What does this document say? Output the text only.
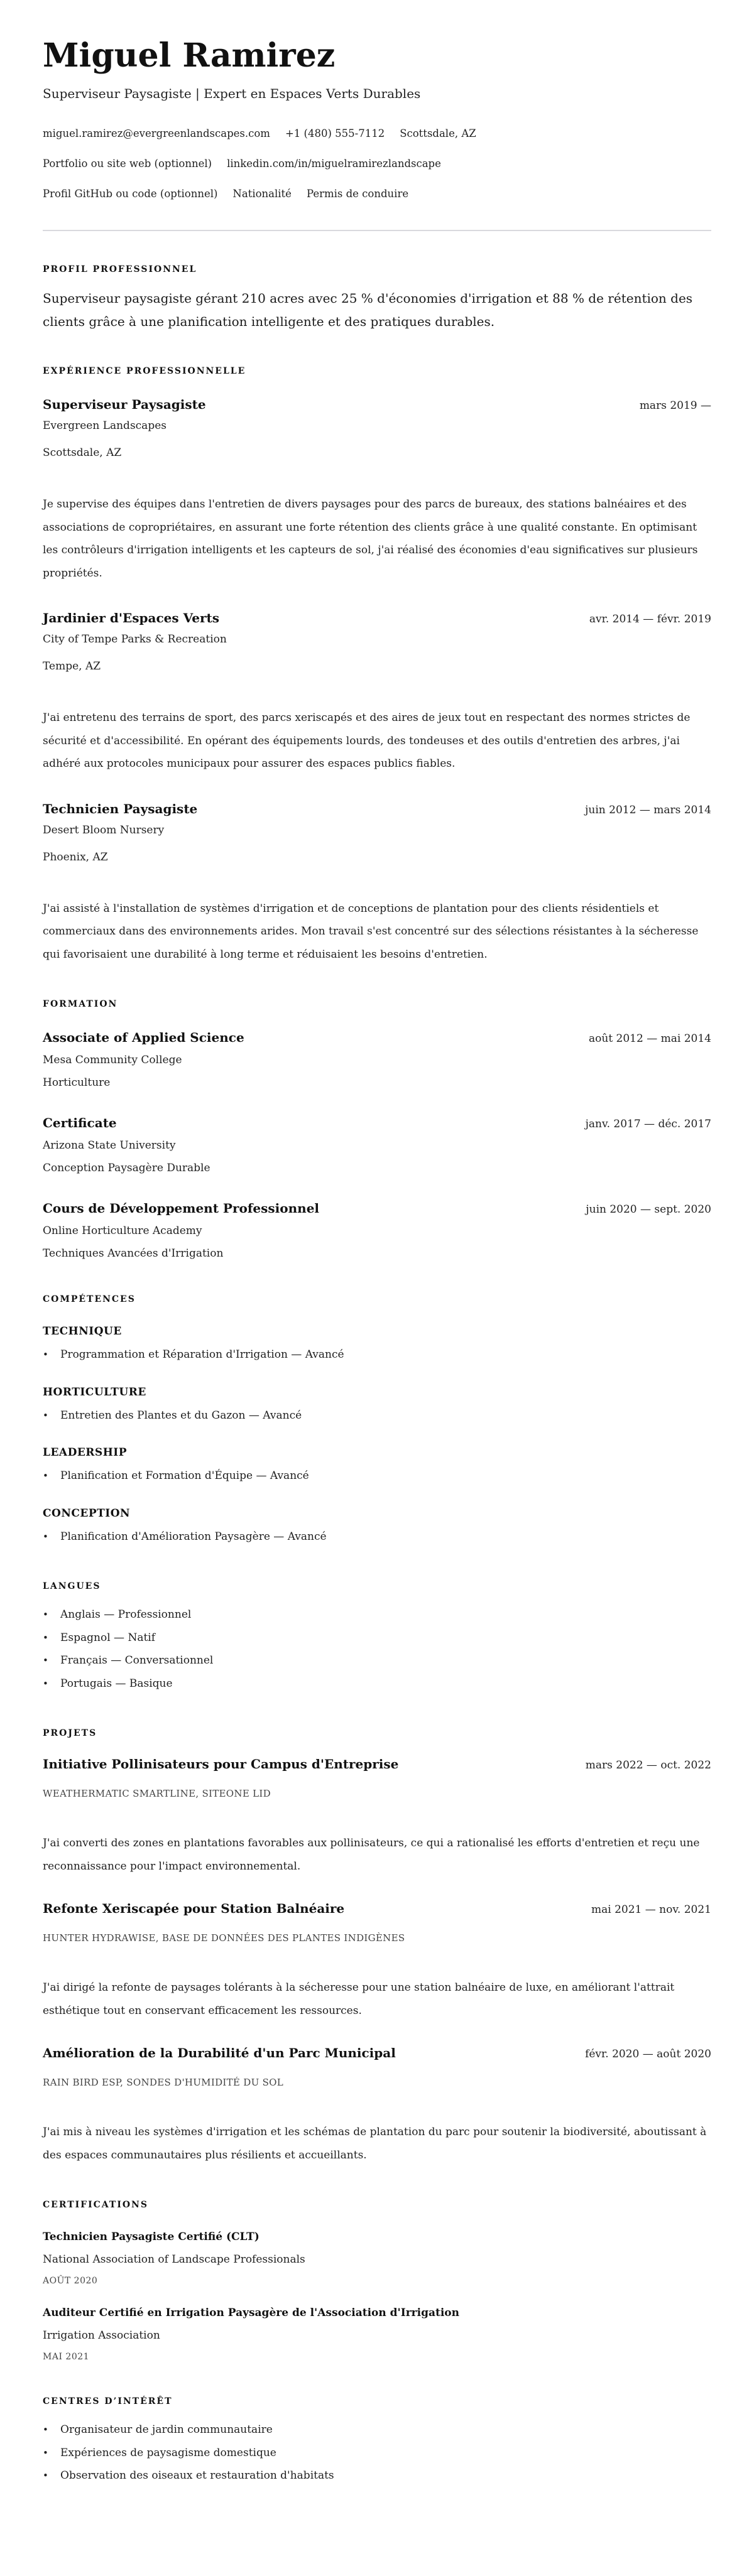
Miguel Ramirez
Superviseur Paysagiste | Expert en Espaces Verts Durables
miguel.ramirez@evergreenlandscapes.com +1 (480) 555-7112 Scottsdale, AZ
Portfolio ou site web (optionnel) linkedin.com/in/miguelramirezlandscape
Profil GitHub ou code (optionnel) Nationalité Permis de conduire
PROFIL PROFESSIONNEL

Superviseur paysagiste gérant 210 acres avec 25 % d'économies d'irrigation et 88 % de rétention des clients grâce à une planification intelligente et des pratiques durables.

EXPÉRIENCE PROFESSIONNELLE
Superviseur Paysagiste	mars 2019 —
Evergreen Landscapes
Scottsdale, AZ

Je supervise des équipes dans l'entretien de divers paysages pour des parcs de bureaux, des stations balnéaires et des associations de copropriétaires, en assurant une forte rétention des clients grâce à une qualité constante. En optimisant les contrôleurs d'irrigation intelligents et les capteurs de sol, j'ai réalisé des économies d'eau significatives sur plusieurs propriétés.

Jardinier d'Espaces Verts	avr. 2014 — févr. 2019
City of Tempe Parks & Recreation
Tempe, AZ

J'ai entretenu des terrains de sport, des parcs xeriscapés et des aires de jeux tout en respectant des normes strictes de sécurité et d'accessibilité. En opérant des équipements lourds, des tondeuses et des outils d'entretien des arbres, j'ai adhéré aux protocoles municipaux pour assurer des espaces publics fiables.

Technicien Paysagiste	juin 2012 — mars 2014
Desert Bloom Nursery
Phoenix, AZ

J'ai assisté à l'installation de systèmes d'irrigation et de conceptions de plantation pour des clients résidentiels et commerciaux dans des environnements arides. Mon travail s'est concentré sur des sélections résistantes à la sécheresse qui favorisaient une durabilité à long terme et réduisaient les besoins d'entretien.

FORMATION
Associate of Applied Science	août 2012 — mai 2014
Mesa Community College
Horticulture
Certificate	janv. 2017 — déc. 2017
Arizona State University
Conception Paysagère Durable
Cours de Développement Professionnel	juin 2020 — sept. 2020
Online Horticulture Academy
Techniques Avancées d'Irrigation
COMPÉTENCES
TECHNIQUE
• Programmation et Réparation d'Irrigation — Avancé
HORTICULTURE
• Entretien des Plantes et du Gazon — Avancé
LEADERSHIP
• Planification et Formation d'Équipe — Avancé
CONCEPTION
• Planification d'Amélioration Paysagère — Avancé
LANGUES
• Anglais — Professionnel
• Espagnol — Natif
• Français — Conversationnel
• Portugais — Basique
PROJETS
Initiative Pollinisateurs pour Campus d'Entreprise	mars 2022 — oct. 2022
WEATHERMATIC SMARTLINE, SITEONE LID

J'ai converti des zones en plantations favorables aux pollinisateurs, ce qui a rationalisé les efforts d'entretien et reçu une reconnaissance pour l'impact environnemental.

Refonte Xeriscapée pour Station Balnéaire	mai 2021 — nov. 2021
HUNTER HYDRAWISE, BASE DE DONNÉES DES PLANTES INDIGÈNES

J'ai dirigé la refonte de paysages tolérants à la sécheresse pour une station balnéaire de luxe, en améliorant l'attrait esthétique tout en conservant efficacement les ressources.

Amélioration de la Durabilité d'un Parc Municipal	févr. 2020 — août 2020
RAIN BIRD ESP, SONDES D'HUMIDITÉ DU SOL

J'ai mis à niveau les systèmes d'irrigation et les schémas de plantation du parc pour soutenir la biodiversité, aboutissant à des espaces communautaires plus résilients et accueillants.

CERTIFICATIONS
Technicien Paysagiste Certifié (CLT)
National Association of Landscape Professionals
AOÛT 2020
Auditeur Certifié en Irrigation Paysagère de l'Association d'Irrigation
Irrigation Association
MAI 2021
CENTRES D’INTÉRÊT
• Organisateur de jardin communautaire
• Expériences de paysagisme domestique
• Observation des oiseaux et restauration d'habitats
